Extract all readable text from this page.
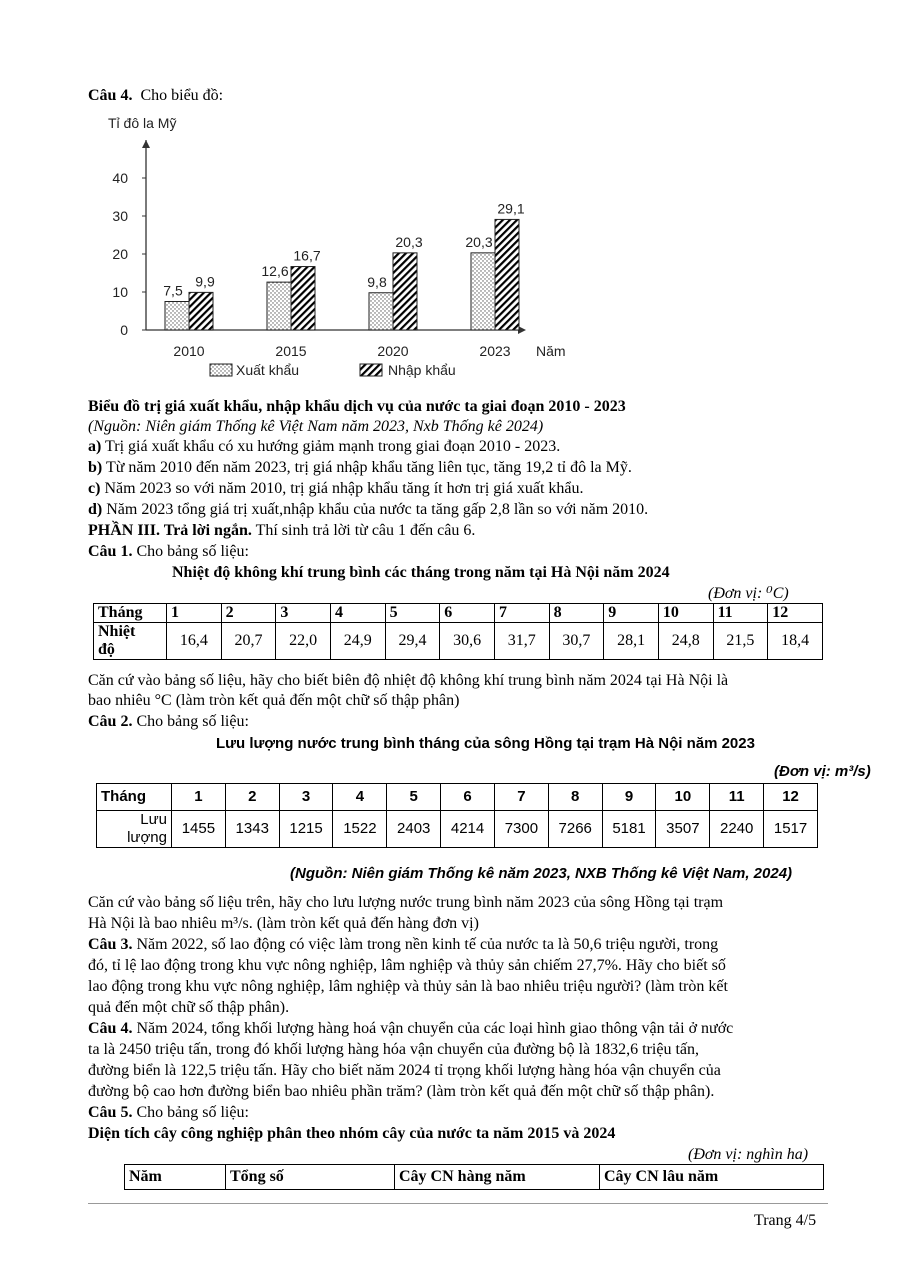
Câu 4. Cho biểu đồ:
Tỉ đô la Mỹ
Năm
0
10
20
30
40
7,5
9,9
2010
12,6
16,7
2015
9,8
20,3
2020
20,3
29,1
2023
Xuất khẩu	Nhập khẩu
Biểu đồ trị giá xuất khẩu, nhập khẩu dịch vụ của nước ta giai đoạn 2010 - 2023
(Nguồn: Niên giám Thống kê Việt Nam năm 2023, Nxb Thống kê 2024)
a) Trị giá xuất khẩu có xu hướng giảm mạnh trong giai đoạn 2010 - 2023.
b) Từ năm 2010 đến năm 2023, trị giá nhập khẩu tăng liên tục, tăng 19,2 tỉ đô la Mỹ.
c) Năm 2023 so với năm 2010, trị giá nhập khẩu tăng ít hơn trị giá xuất khẩu.
d) Năm 2023 tổng giá trị xuất,nhập khẩu của nước ta tăng gấp 2,8 lần so với năm 2010.
PHẦN III. Trả lời ngắn. Thí sinh trả lời từ câu 1 đến câu 6.
Câu 1. Cho bảng số liệu:
Nhiệt độ không khí trung bình các tháng trong năm tại Hà Nội năm 2024
(Đơn vị: ⁰C)
Tháng	1	2	3	4	5	6	7	8	9	10	11	12
Nhiệt
độ	16,4	20,7	22,0	24,9	29,4	30,6	31,7	30,7	28,1	24,8	21,5	18,4
Căn cứ vào bảng số liệu, hãy cho biết biên độ nhiệt độ không khí trung bình năm 2024 tại Hà Nội là
bao nhiêu °C (làm tròn kết quả đến một chữ số thập phân)
Câu 2. Cho bảng số liệu:
Lưu lượng nước trung bình tháng của sông Hồng tại trạm Hà Nội năm 2023
(Đơn vị: m³/s)
Tháng	1	2	3	4	5	6	7	8	9	10	11	12
Lưu
lượng	1455	1343	1215	1522	2403	4214	7300	7266	5181	3507	2240	1517
(Nguồn: Niên giám Thống kê năm 2023, NXB Thống kê Việt Nam, 2024)
Căn cứ vào bảng số liệu trên, hãy cho lưu lượng nước trung bình năm 2023 của sông Hồng tại trạm
Hà Nội là bao nhiêu m³/s. (làm tròn kết quả đến hàng đơn vị)
Câu 3. Năm 2022, số lao động có việc làm trong nền kinh tế của nước ta là 50,6 triệu người, trong
đó, tỉ lệ lao động trong khu vực nông nghiệp, lâm nghiệp và thủy sản chiếm 27,7%. Hãy cho biết số
lao động trong khu vực nông nghiệp, lâm nghiệp và thủy sản là bao nhiêu triệu người? (làm tròn kết
quả đến một chữ số thập phân).
Câu 4. Năm 2024, tổng khối lượng hàng hoá vận chuyển của các loại hình giao thông vận tải ở nước
ta là 2450 triệu tấn, trong đó khối lượng hàng hóa vận chuyển của đường bộ là 1832,6 triệu tấn,
đường biển là 122,5 triệu tấn. Hãy cho biết năm 2024 tỉ trọng khối lượng hàng hóa vận chuyển của
đường bộ cao hơn đường biển bao nhiêu phần trăm? (làm tròn kết quả đến một chữ số thập phân).
Câu 5. Cho bảng số liệu:
Diện tích cây công nghiệp phân theo nhóm cây của nước ta năm 2015 và 2024
(Đơn vị: nghìn ha)
Năm	Tổng số	Cây CN hàng năm	Cây CN lâu năm
Trang 4/5
